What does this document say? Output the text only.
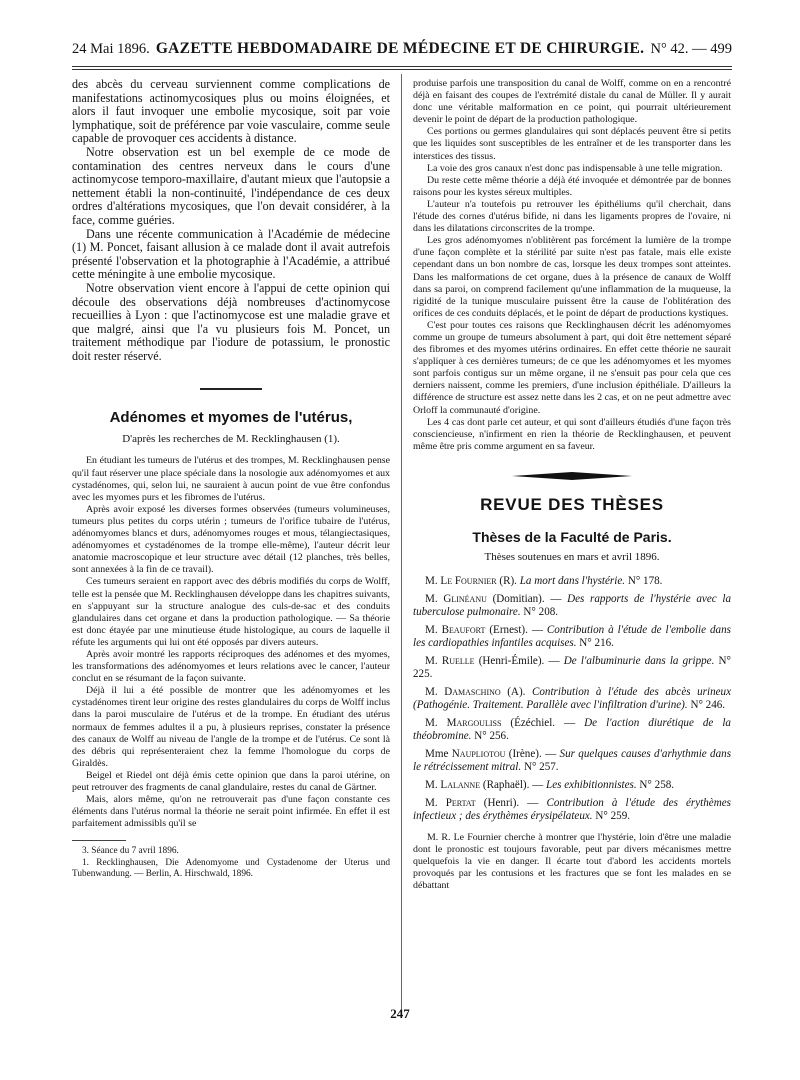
24 Mai 1896. GAZETTE HEBDOMADAIRE DE MÉDECINE ET DE CHIRURGIE. N° 42. — 499

des abcès du cerveau surviennent comme complications de manifestations actinomycosiques plus ou moins éloignées, et alors il faut invoquer une embolie mycosique, soit par voie lymphatique, soit de préférence par voie vasculaire, comme seule capable de provoquer ces accidents à distance.

Notre observation est un bel exemple de ce mode de contamination des centres nerveux dans le cours d'une actinomycose temporo-maxillaire, d'autant mieux que l'autopsie a nettement établi la non-continuité, l'indépendance de ces deux ordres d'altérations mycosiques, que l'on devait considérer, à la face, comme guéries.

Dans une récente communication à l'Académie de médecine (1) M. Poncet, faisant allusion à ce malade dont il avait autrefois présenté l'observation et la photographie à l'Académie, a attribué cette méningite à une embolie mycosique.

Notre observation vient encore à l'appui de cette opinion qui découle des observations déjà nombreuses d'actinomycose recueillies à Lyon : que l'actinomycose est une maladie grave et que malgré, ainsi que l'a vu plusieurs fois M. Poncet, un traitement méthodique par l'iodure de potassium, le pronostic doit rester réservé.

Adénomes et myomes de l'utérus,
D'après les recherches de M. Recklinghausen (1).

En étudiant les tumeurs de l'utérus et des trompes, M. Recklinghausen pense qu'il faut réserver une place spéciale dans la nosologie aux adénomyomes et aux cystadénomes, qui, selon lui, ne sauraient à aucun point de vue être confondus avec les myomes purs et les fibromes de l'utérus.

Après avoir exposé les diverses formes observées (tumeurs volumineuses, tumeurs plus petites du corps utérin ; tumeurs de l'orifice tubaire de l'utérus, adénomyomes blancs et durs, adénomyomes rouges et mous, télangiectasiques, adénomyomes et cystadénomes de la trompe elle-même), l'auteur décrit leur anatomie macroscopique et leur structure avec détail (12 planches, très belles, sont annexées à la fin de ce travail).

Ces tumeurs seraient en rapport avec des débris modifiés du corps de Wolff, telle est la pensée que M. Recklinghausen développe dans les chapitres suivants, en s'appuyant sur la structure analogue des culs-de-sac et des conduits glandulaires dans cet organe et dans la production pathologique. — Sa théorie est donc étayée par une minutieuse étude histologique, au cours de laquelle il réfute les arguments qui lui ont été opposés par divers auteurs.

Après avoir montré les rapports réciproques des adénomes et des myomes, les transformations des adénomyomes et leurs relations avec le cancer, l'auteur conclut en se résumant de la façon suivante.

Déjà il lui a été possible de montrer que les adénomyomes et les cystadénomes tirent leur origine des restes glandulaires du corps de Wolff inclus dans la paroi musculaire de l'utérus et de la trompe. En étudiant des utérus normaux de femmes adultes il a pu, à plusieurs reprises, constater la présence des canaux de Wolff au niveau de l'angle de la trompe et de l'utérus. Ce sont là des débris qui représenteraient chez la femme l'homologue du corps de Giraldès.

Beigel et Riedel ont déjà émis cette opinion que dans la paroi utérine, on peut retrouver des fragments de canal glandulaire, restes du canal de Gärtner.

Mais, alors même, qu'on ne retrouverait pas d'une façon constante ces éléments dans l'utérus normal la théorie ne serait point infirmée. En effet il est parfaitement admissibls qu'il se

3. Séance du 7 avril 1896.

1. Recklinghausen, Die Adenomyome und Cystadenome der Uterus und Tubenwandung. — Berlin, A. Hirschwald, 1896.

produise parfois une transposition du canal de Wolff, comme on en a rencontré déjà en faisant des coupes de l'extrémité distale du canal de Müller. Il y aurait donc une véritable malformation en ce point, qui pourrait ultérieurement devenir le point de départ de la production pathologique.

Ces portions ou germes glandulaires qui sont déplacés peuvent être si petits que les liquides sont susceptibles de les entraîner et de les transporter dans les interstices des tissus.

La voie des gros canaux n'est donc pas indispensable à une telle migration.

Du reste cette même théorie a déjà été invoquée et démontrée par de bonnes raisons pour les kystes séreux multiples.

L'auteur n'a toutefois pu retrouver les épithéliums qu'il cherchait, dans l'étude des cornes d'utérus bifide, ni dans les ligaments propres de l'ovaire, ni dans les dilatations circonscrites de la trompe.

Les gros adénomyomes n'oblitèrent pas forcément la lumière de la trompe d'une façon complète et la stérilité par suite n'est pas fatale, mais elle existe cependant dans un bon nombre de cas, lorsque les deux trompes sont atteintes. Dans les malformations de cet organe, dues à la présence de canaux de Wolff dans sa paroi, on comprend facilement qu'une inflammation de la muqueuse, la rigidité de la tunique musculaire puissent être la cause de l'oblitération des orifices de ces conduits déplacés, et le point de départ de productions kystiques.

C'est pour toutes ces raisons que Recklinghausen décrit les adénomyomes comme un groupe de tumeurs absolument à part, qui doit être nettement séparé des fibromes et des myomes utérins ordinaires. En effet cette théorie ne saurait s'appliquer à ces dernières tumeurs; de ce que les adénomyomes et les myomes sont parfois contigus sur un même organe, il ne s'ensuit pas pour cela que ces derniers naissent, comme les premiers, d'une inclusion épithéliale. D'ailleurs la différence de structure est assez nette dans les 2 cas, et on ne peut admettre avec Orloff la communauté d'origine.

Les 4 cas dont parle cet auteur, et qui sont d'ailleurs étudiés d'une façon très consciencieuse, n'infirment en rien la théorie de Recklinghausen, et peuvent même être pris comme argument en sa faveur.

REVUE DES THÈSES
Thèses de la Faculté de Paris.
Thèses soutenues en mars et avril 1896.

M. Le Fournier (R). La mort dans l'hystérie. N° 178.

M. Glinéanu (Domitian). — Des rapports de l'hystérie avec la tuberculose pulmonaire. N° 208.

M. Beaufort (Ernest). — Contribution à l'étude de l'embolie dans les cardiopathies infantiles acquises. N° 216.

M. Ruelle (Henri-Émile). — De l'albuminurie dans la grippe. N° 225.

M. Damaschino (A). Contribution à l'étude des abcès urineux (Pathogénie. Traitement. Parallèle avec l'infiltration d'urine). N° 246.

M. Margouliss (Ézéchiel. — De l'action diurétique de la théobromine. N° 256.

Mme Naupliotou (Irène). — Sur quelques causes d'arhythmie dans le rétrécissement mitral. N° 257.

M. Lalanne (Raphaël). — Les exhibitionnistes. N° 258.

M. Pertat (Henri). — Contribution à l'étude des érythèmes infectieux ; des érythèmes érysipélateux. N° 259.

M. R. Le Fournier cherche à montrer que l'hystérie, loin d'être une maladie dont le pronostic est toujours favorable, peut par divers mécanismes mettre quelquefois la vie en danger. Il écarte tout d'abord les accidents mortels provoqués par les contusions et les fractures que se font les malades en se débattant

247
